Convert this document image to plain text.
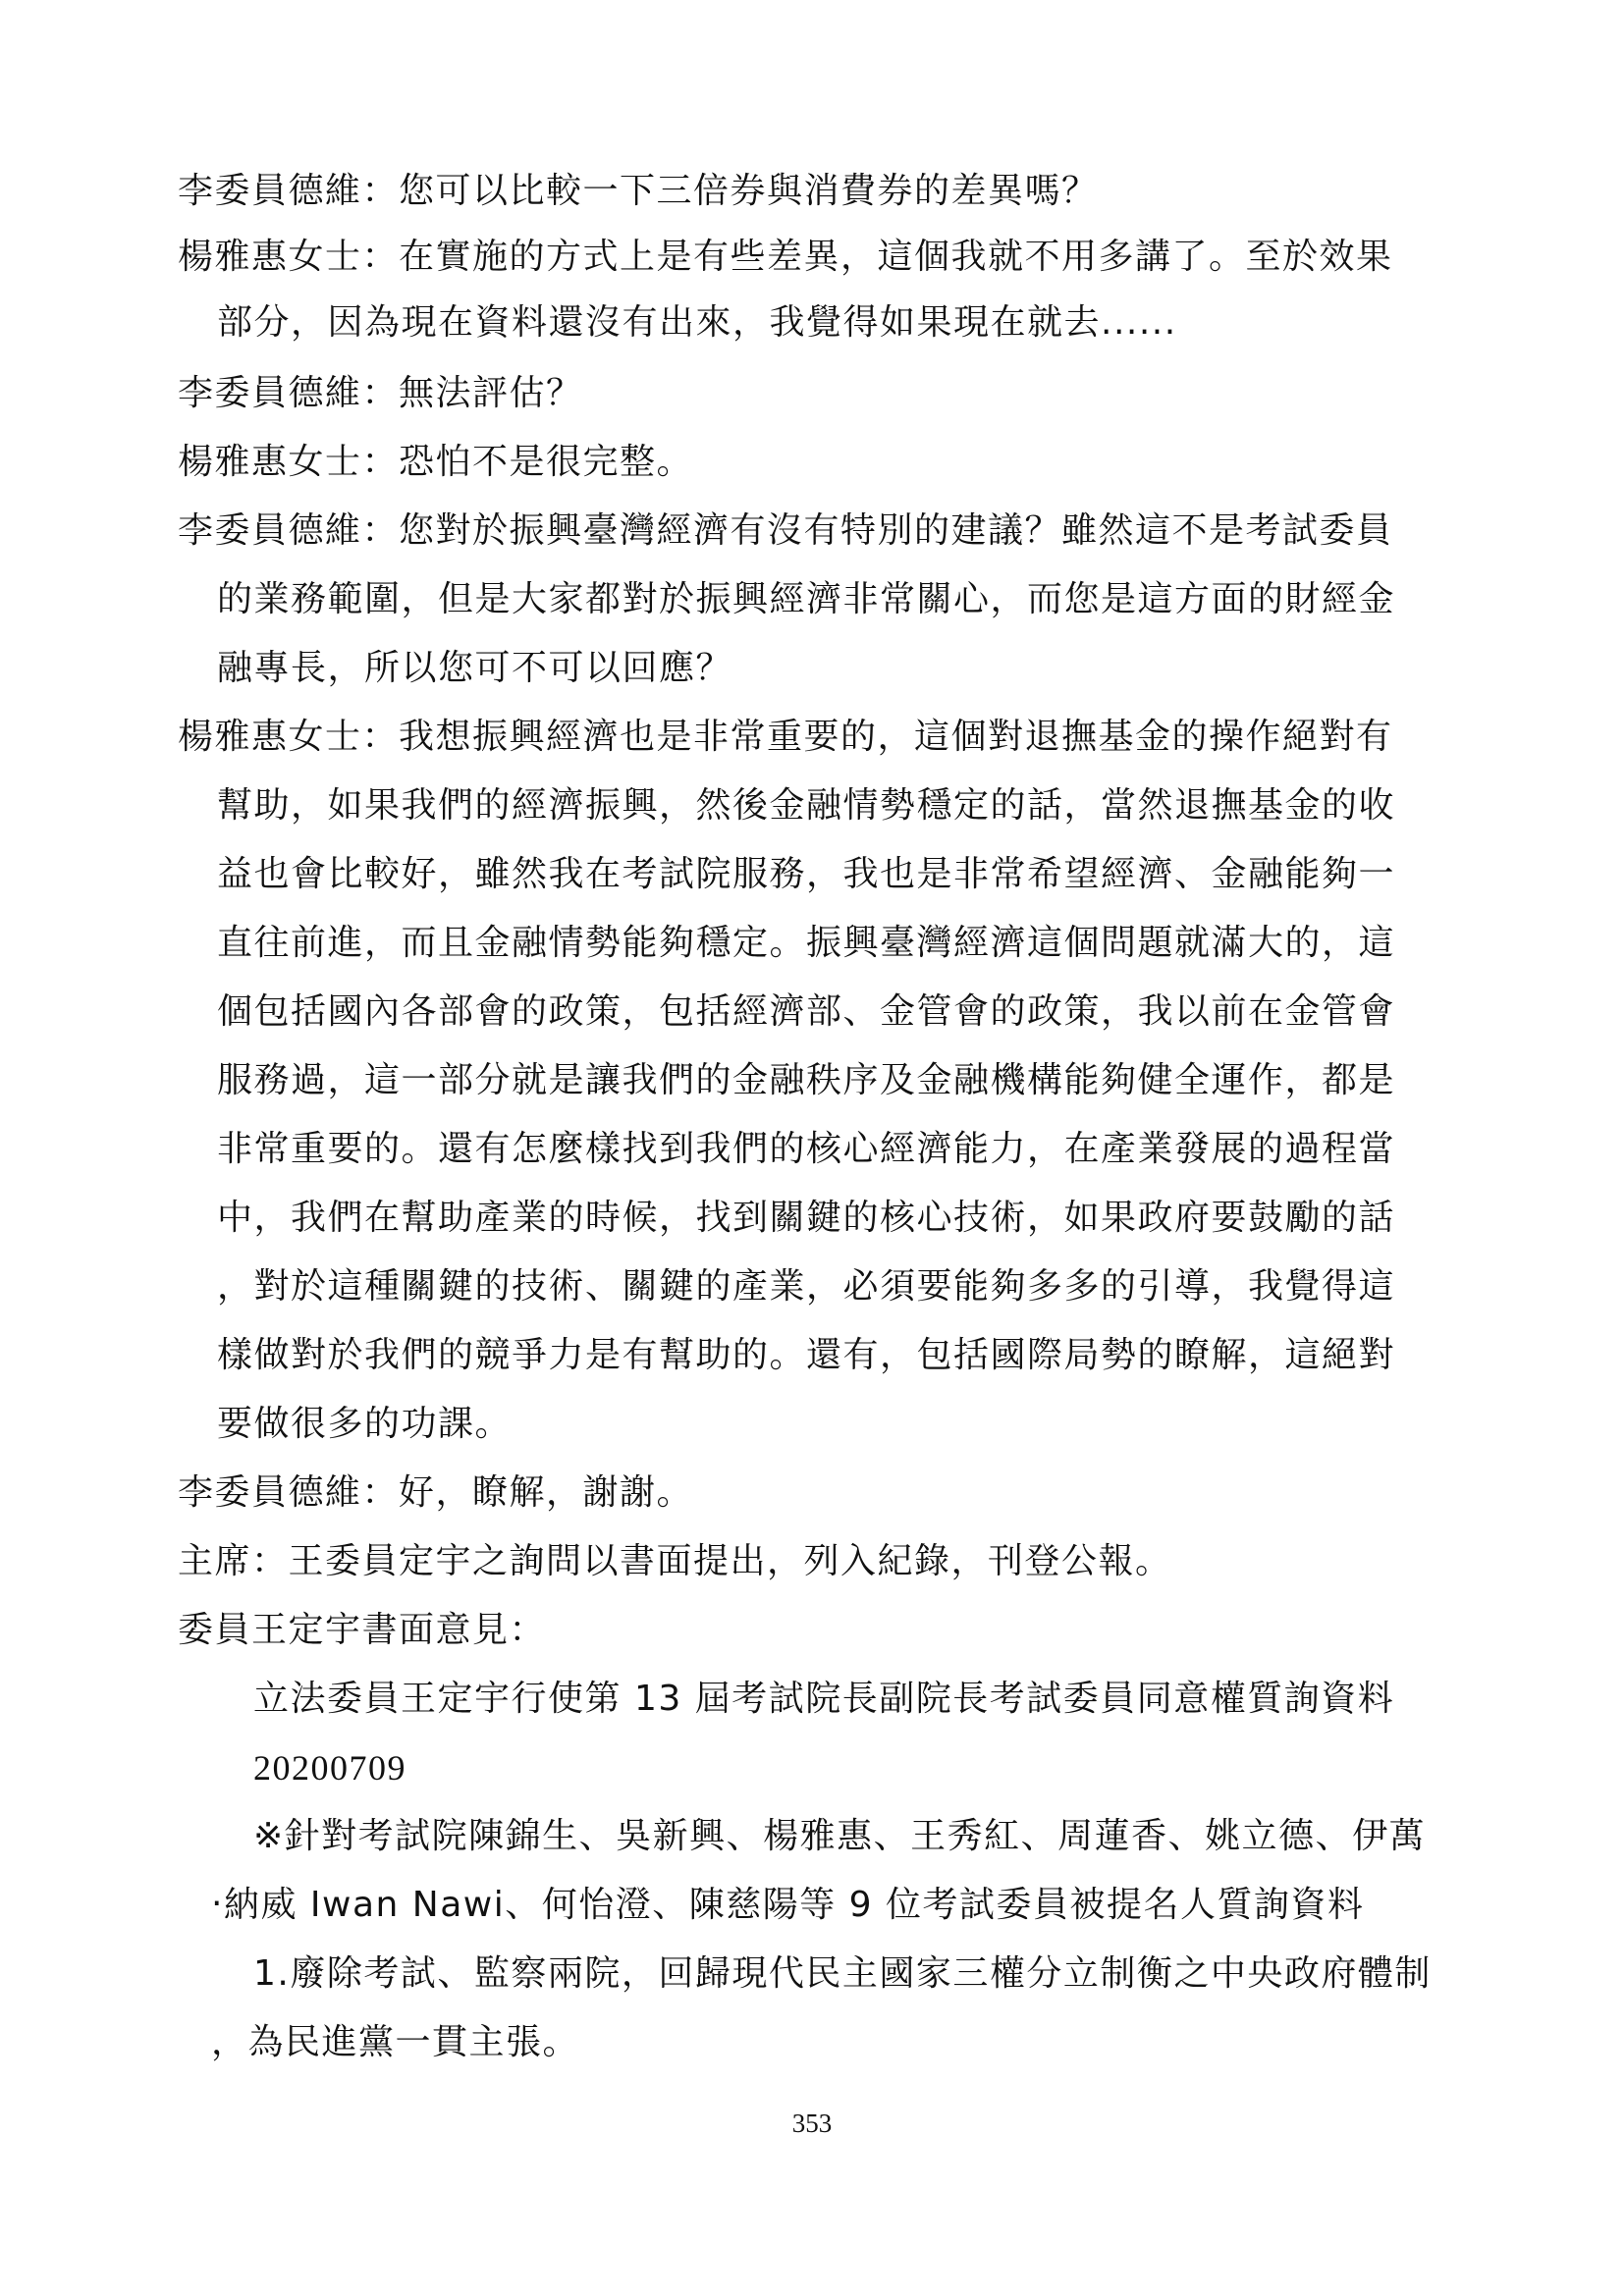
李委員德維：您可以比較一下三倍券與消費券的差異嗎？
楊雅惠女士：在實施的方式上是有些差異，這個我就不用多講了。至於效果
部分，因為現在資料還沒有出來，我覺得如果現在就去......
李委員德維：無法評估？
楊雅惠女士：恐怕不是很完整。
李委員德維：您對於振興臺灣經濟有沒有特別的建議？雖然這不是考試委員
的業務範圍，但是大家都對於振興經濟非常關心，而您是這方面的財經金
融專長，所以您可不可以回應？
楊雅惠女士：我想振興經濟也是非常重要的，這個對退撫基金的操作絕對有
幫助，如果我們的經濟振興，然後金融情勢穩定的話，當然退撫基金的收
益也會比較好，雖然我在考試院服務，我也是非常希望經濟、金融能夠一
直往前進，而且金融情勢能夠穩定。振興臺灣經濟這個問題就滿大的，這
個包括國內各部會的政策，包括經濟部、金管會的政策，我以前在金管會
服務過，這一部分就是讓我們的金融秩序及金融機構能夠健全運作，都是
非常重要的。還有怎麼樣找到我們的核心經濟能力，在產業發展的過程當
中，我們在幫助產業的時候，找到關鍵的核心技術，如果政府要鼓勵的話
，對於這種關鍵的技術、關鍵的產業，必須要能夠多多的引導，我覺得這
樣做對於我們的競爭力是有幫助的。還有，包括國際局勢的瞭解，這絕對
要做很多的功課。
李委員德維：好，瞭解，謝謝。
主席：王委員定宇之詢問以書面提出，列入紀錄，刊登公報。
委員王定宇書面意見：
立法委員王定宇行使第 13 屆考試院長副院長考試委員同意權質詢資料
20200709
※針對考試院陳錦生、吳新興、楊雅惠、王秀紅、周蓮香、姚立德、伊萬
‧納威 Iwan Nawi、何怡澄、陳慈陽等 9 位考試委員被提名人質詢資料
1.廢除考試、監察兩院，回歸現代民主國家三權分立制衡之中央政府體制
，為民進黨一貫主張。
353
